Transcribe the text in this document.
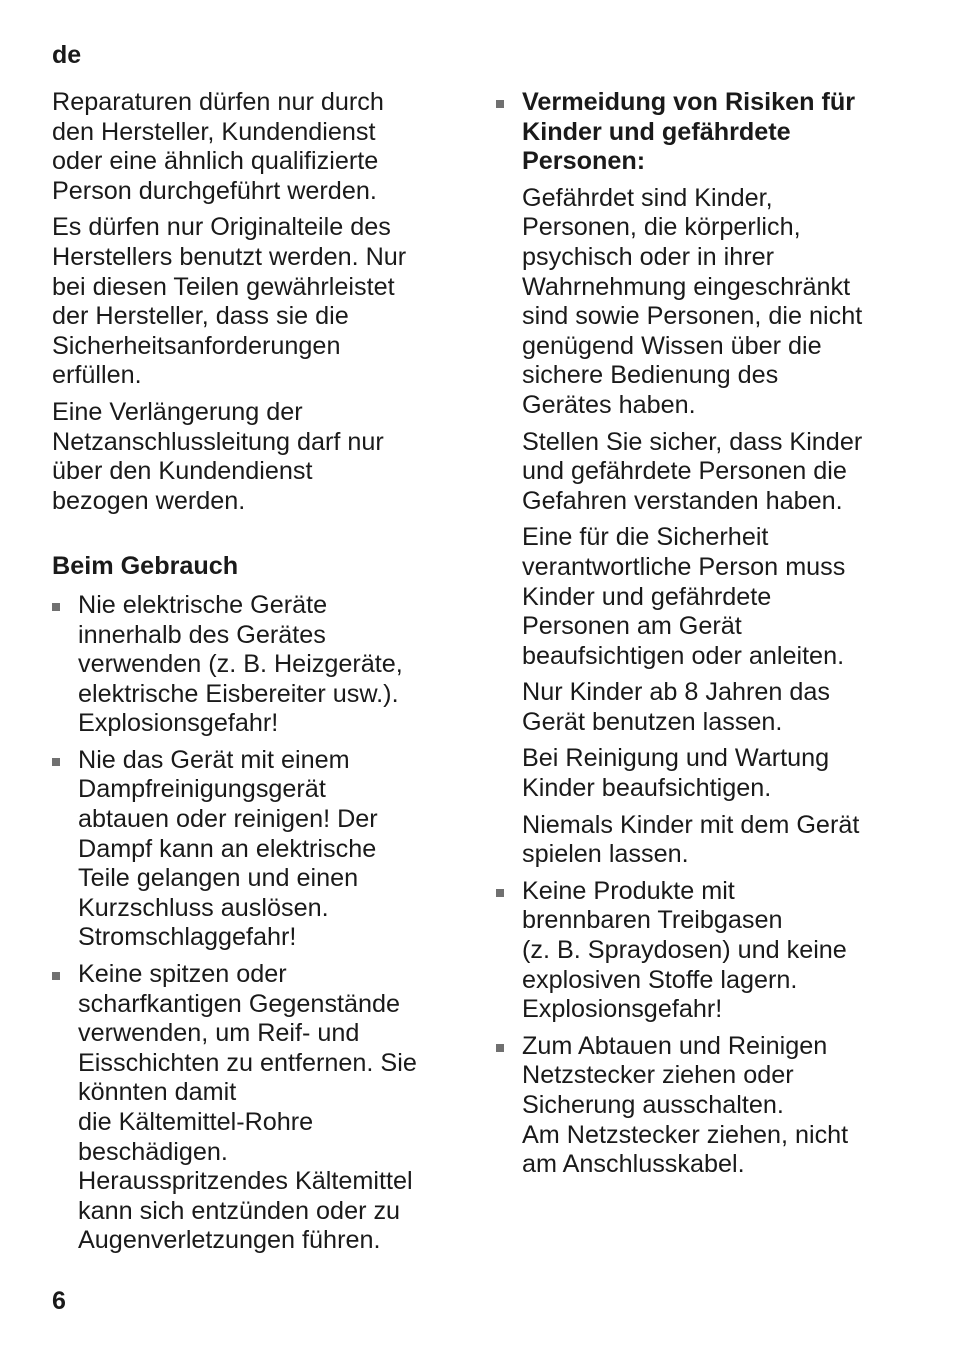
de

Reparaturen dürfen nur durch
den Hersteller, Kundendienst
oder eine ähnlich qualifizierte
Person durchgeführt werden.

Es dürfen nur Originalteile des
Herstellers benutzt werden. Nur
bei diesen Teilen gewährleistet
der Hersteller, dass sie die
Sicherheitsanforderungen
erfüllen.

Eine Verlängerung der
Netzanschlussleitung darf nur
über den Kundendienst
bezogen werden.

Beim Gebrauch

Nie elektrische Geräte
innerhalb des Gerätes
verwenden (z. B. Heizgeräte,
elektrische Eisbereiter usw.).
Explosionsgefahr!
Nie das Gerät mit einem
Dampfreinigungsgerät
abtauen oder reinigen! Der
Dampf kann an elektrische
Teile gelangen und einen
Kurzschluss auslösen.
Stromschlaggefahr!
Keine spitzen oder
scharfkantigen Gegenstände
verwenden, um Reif- und
Eisschichten zu entfernen. Sie
könnten damit
die Kältemittel-Rohre
beschädigen.
Herausspritzendes Kältemittel
kann sich entzünden oder zu
Augenverletzungen führen.
Vermeidung von Risiken für
Kinder und gefährdete
Personen:

Gefährdet sind Kinder,
Personen, die körperlich,
psychisch oder in ihrer
Wahrnehmung eingeschränkt
sind sowie Personen, die nicht
genügend Wissen über die
sichere Bedienung des
Gerätes haben.

Stellen Sie sicher, dass Kinder
und gefährdete Personen die
Gefahren verstanden haben.

Eine für die Sicherheit
verantwortliche Person muss
Kinder und gefährdete
Personen am Gerät
beaufsichtigen oder anleiten.

Nur Kinder ab 8 Jahren das
Gerät benutzen lassen.

Bei Reinigung und Wartung
Kinder beaufsichtigen.

Niemals Kinder mit dem Gerät
spielen lassen.

Keine Produkte mit
brennbaren Treibgasen
(z. B. Spraydosen) und keine
explosiven Stoffe lagern.
Explosionsgefahr!
Zum Abtauen und Reinigen
Netzstecker ziehen oder
Sicherung ausschalten.
Am Netzstecker ziehen, nicht
am Anschlusskabel.
6
